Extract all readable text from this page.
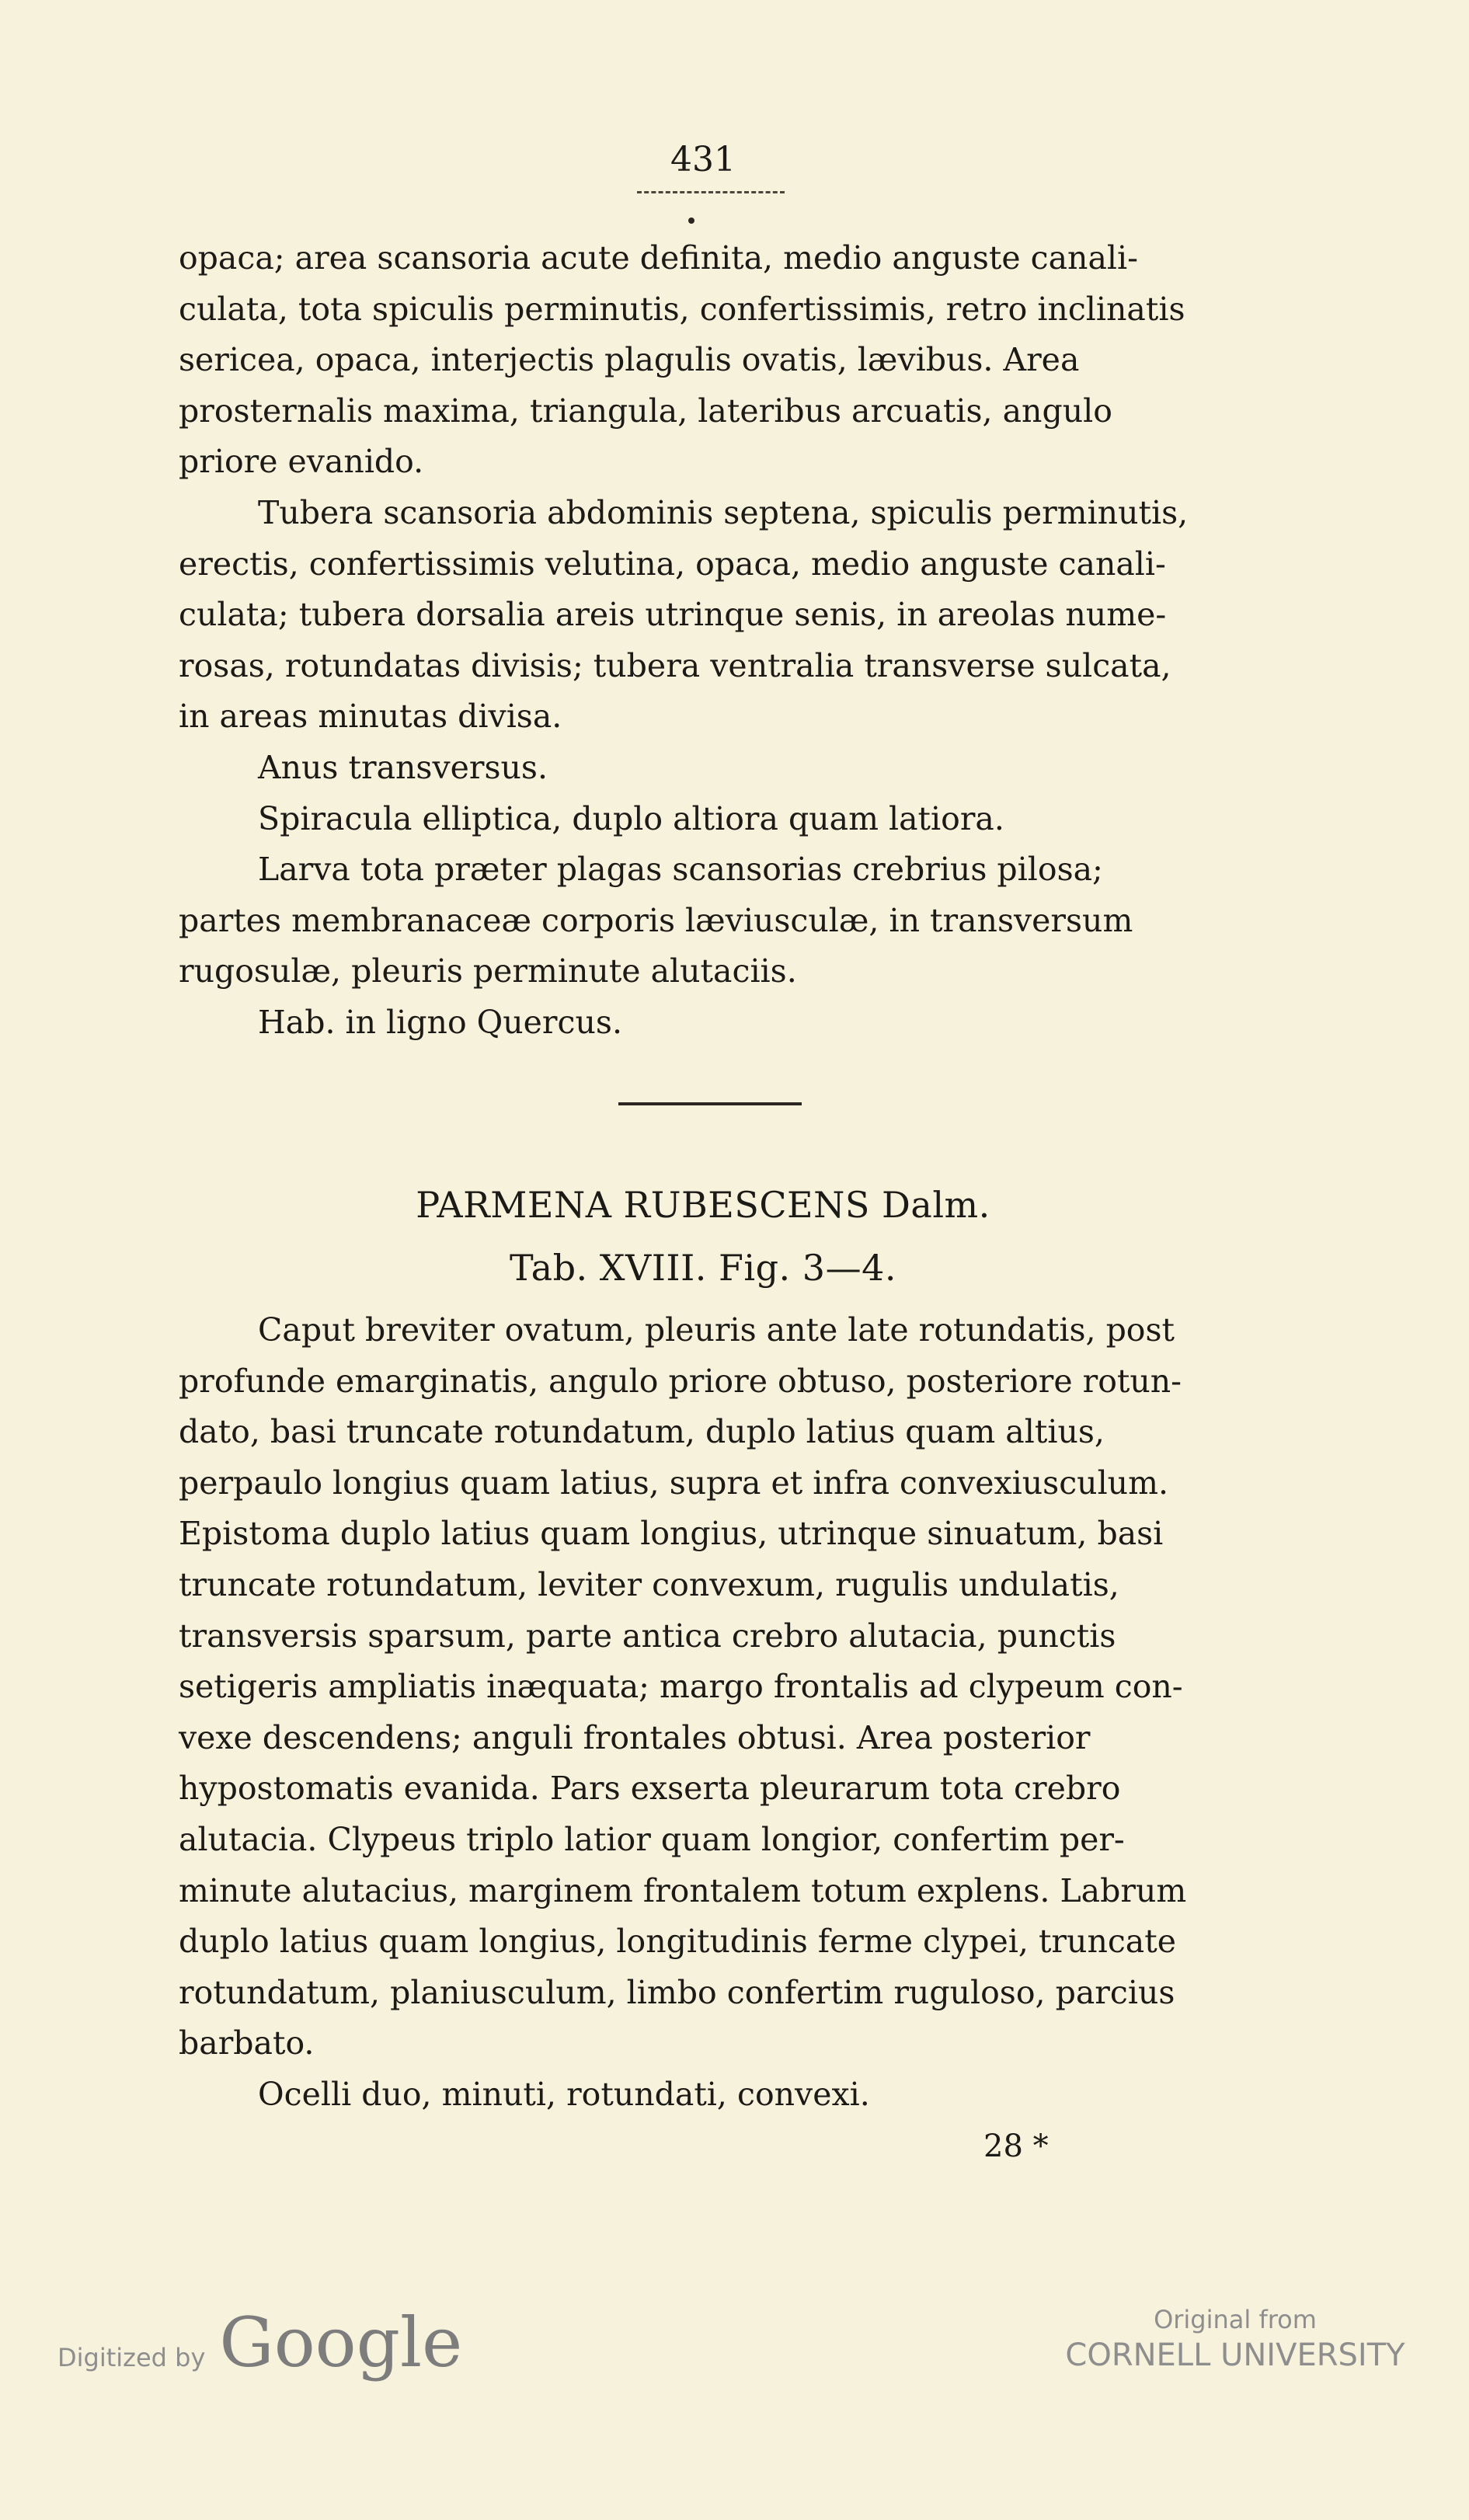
431

opaca; area scansoria acute definita, medio anguste canali-
culata, tota spiculis perminutis, confertissimis, retro inclinatis
sericea, opaca, interjectis plagulis ovatis, lævibus. Area
prosternalis maxima, triangula, lateribus arcuatis, angulo
priore evanido.

Tubera scansoria abdominis septena, spiculis perminutis,
erectis, confertissimis velutina, opaca, medio anguste canali-
culata; tubera dorsalia areis utrinque senis, in areolas nume-
rosas, rotundatas divisis; tubera ventralia transverse sulcata,
in areas minutas divisa.

Anus transversus.

Spiracula elliptica, duplo altiora quam latiora.

Larva tota præter plagas scansorias crebrius pilosa;
partes membranaceæ corporis læviusculæ, in transversum
rugosulæ, pleuris perminute alutaciis.

Hab. in ligno Quercus.

PARMENA RUBESCENS Dalm.
Tab. XVIII. Fig. 3—4.

Caput breviter ovatum, pleuris ante late rotundatis, post
profunde emarginatis, angulo priore obtuso, posteriore rotun-
dato, basi truncate rotundatum, duplo latius quam altius,
perpaulo longius quam latius, supra et infra convexiusculum.
Epistoma duplo latius quam longius, utrinque sinuatum, basi
truncate rotundatum, leviter convexum, rugulis undulatis,
transversis sparsum, parte antica crebro alutacia, punctis
setigeris ampliatis inæquata; margo frontalis ad clypeum con-
vexe descendens; anguli frontales obtusi. Area posterior
hypostomatis evanida. Pars exserta pleurarum tota crebro
alutacia. Clypeus triplo latior quam longior, confertim per-
minute alutacius, marginem frontalem totum explens. Labrum
duplo latius quam longius, longitudinis ferme clypei, truncate
rotundatum, planiusculum, limbo confertim ruguloso, parcius
barbato.

Ocelli duo, minuti, rotundati, convexi.

28 *
Digitized by Google	Original from
CORNELL UNIVERSITY
